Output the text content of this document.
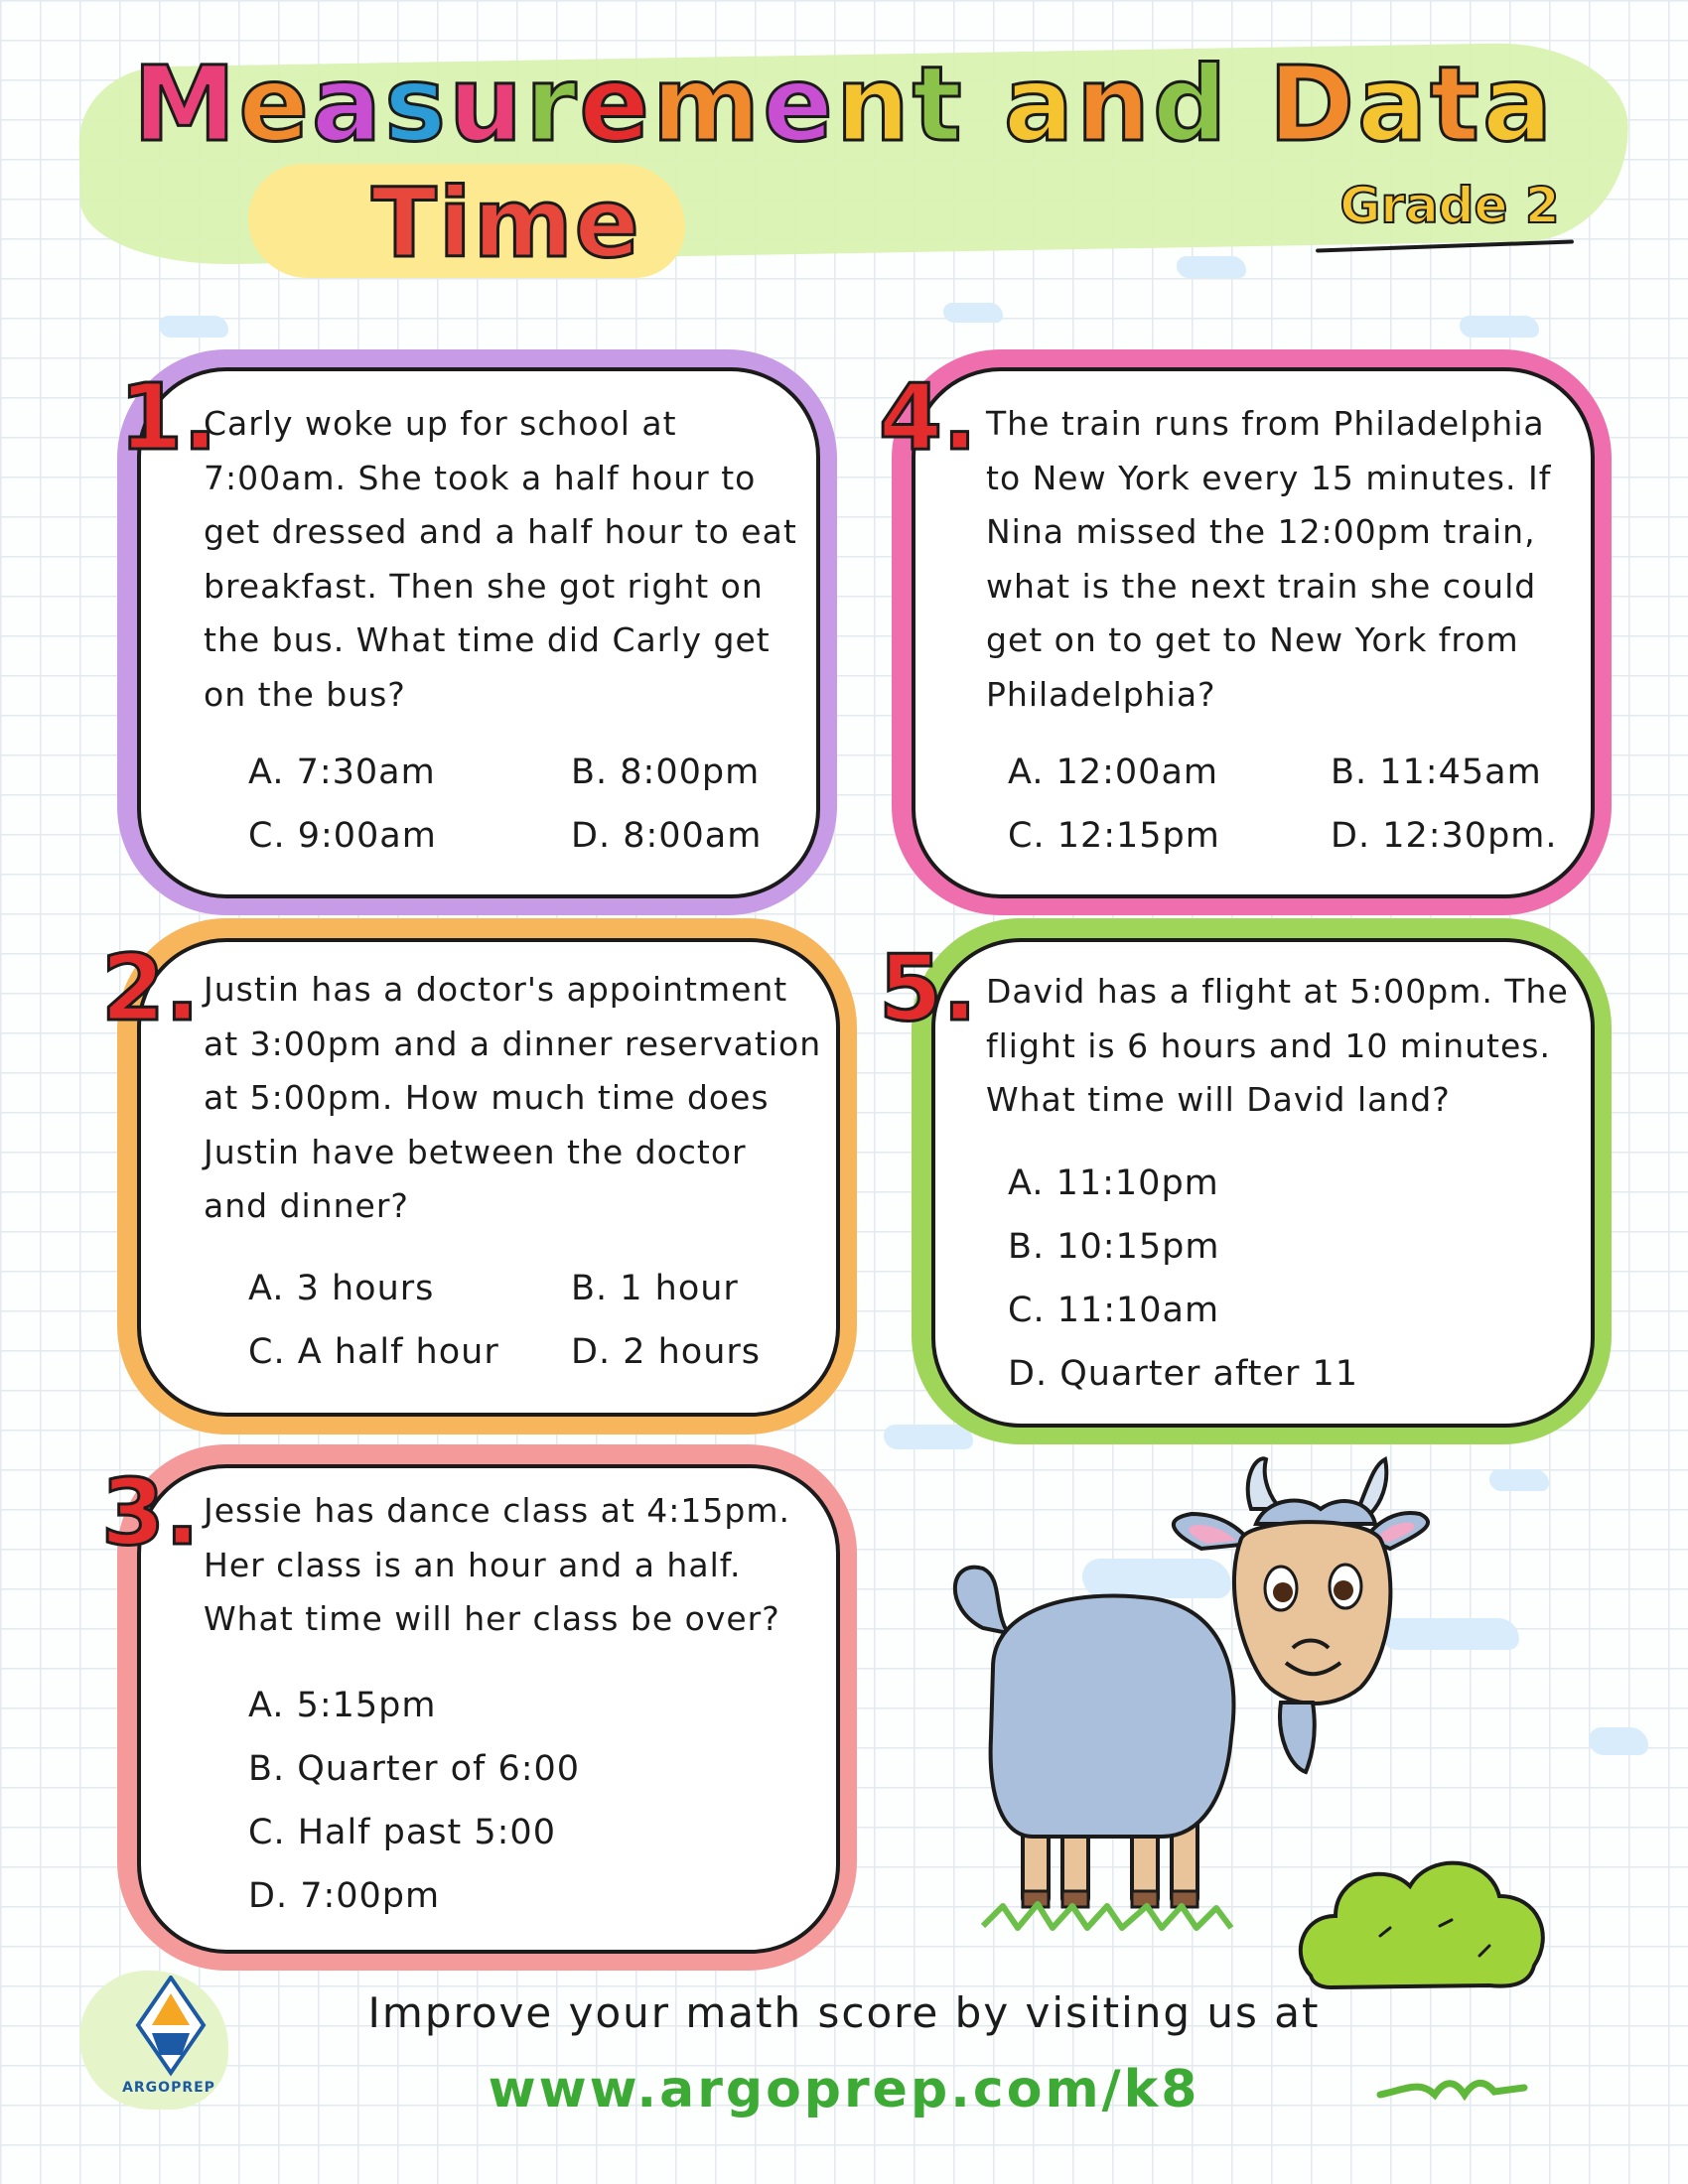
M e a s u r e m e n t
a n d
D a t a
Time	Grade 2
1.
Carly woke up for school at
7:00am. She took a half hour to
get dressed and a half hour to eat
breakfast. Then she got right on
the bus. What time did Carly get
on the bus?
A. 7:30am	B. 8:00pm
C. 9:00am	D. 8:00am
4. The train runs from Philadelphia
to New York every 15 minutes. If
Nina missed the 12:00pm train,
what is the next train she could
get on to get to New York from
Philadelphia?
A. 12:00am	B. 11:45am
C. 12:15pm	D. 12:30pm.
2. Justin has a doctor's appointment
at 3:00pm and a dinner reservation
at 5:00pm. How much time does
Justin have between the doctor
and dinner?
A. 3 hours	B. 1 hour
C. A half hour D. 2 hours
5. David has a flight at 5:00pm. The
flight is 6 hours and 10 minutes.
What time will David land?
A. 11:10pm
B. 10:15pm
C. 11:10am
D. Quarter after 11
3. Jessie has dance class at 4:15pm.
Her class is an hour and a half.
What time will her class be over?
A. 5:15pm
B. Quarter of 6:00
C. Half past 5:00
D. 7:00pm
ARGOPREP
Improve your math score by visiting us at
www.argoprep.com/k8
